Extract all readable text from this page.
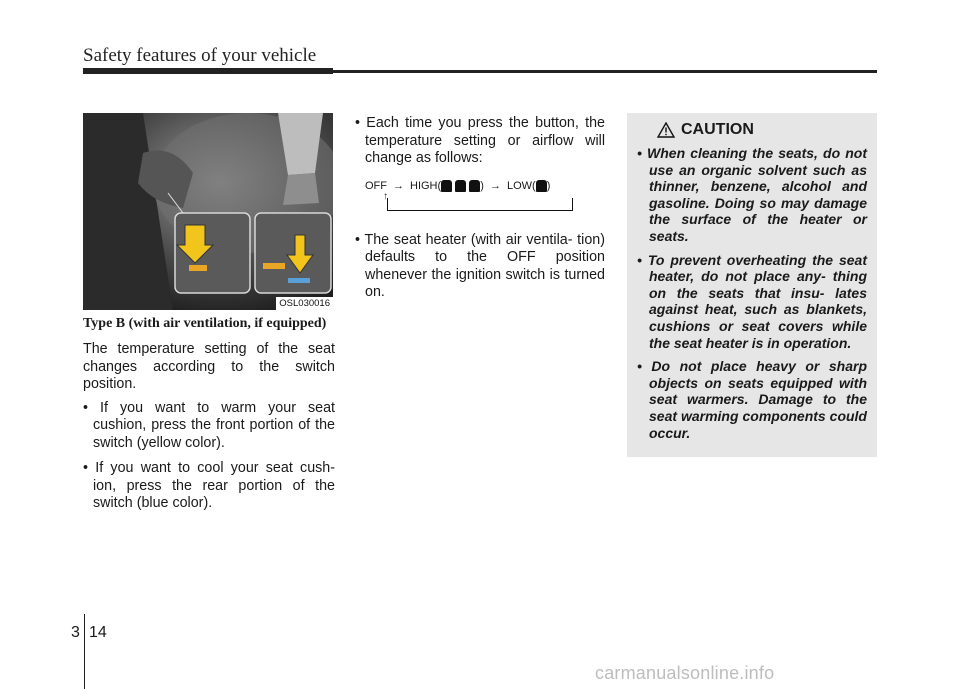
Safety features of your vehicle
OSL030016

Type B (with air ventilation, if equipped)

The temperature setting of the seat changes according to the switch position.

• If you want to warm your seat cushion, press the front portion of the switch (yellow color).

• If you want to cool your seat cush- ion, press the rear portion of the switch (blue color).

• Each time you press the button, the temperature setting or airflow will change as follows:

OFF → HIGH(	) → LOW( )
↑

• The seat heater (with air ventila- tion) defaults to the OFF position whenever the ignition switch is turned on.

CAUTION

• When cleaning the seats, do not use an organic solvent such as thinner, benzene, alcohol and gasoline. Doing so may damage the surface of the heater or seats.

• To prevent overheating the seat heater, do not place any- thing on the seats that insu- lates against heat, such as blankets, cushions or seat covers while the seat heater is in operation.

• Do not place heavy or sharp objects on seats equipped with seat warmers. Damage to the seat warming components could occur.

3 14
carmanualsonline.info
